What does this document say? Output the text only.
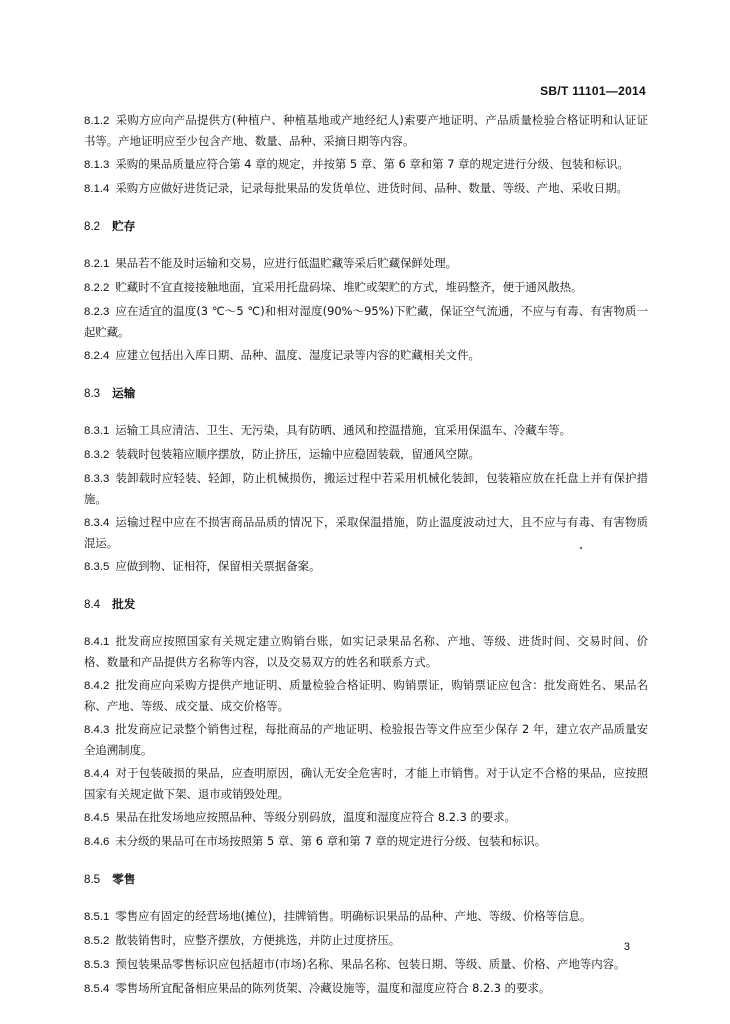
SB/T 11101—2014
8.1.2 采购方应向产品提供方(种植户、种植基地或产地经纪人)索要产地证明、产品质量检验合格证明和认证证书等。产地证明应至少包含产地、数量、品种、采摘日期等内容。
8.1.3 采购的果品质量应符合第 4 章的规定，并按第 5 章、第 6 章和第 7 章的规定进行分级、包装和标识。
8.1.4 采购方应做好进货记录，记录每批果品的发货单位、进货时间、品种、数量、等级、产地、采收日期。
8.2 贮存
8.2.1 果品若不能及时运输和交易，应进行低温贮藏等采后贮藏保鲜处理。
8.2.2 贮藏时不宜直接接触地面，宜采用托盘码垛、堆贮或架贮的方式，堆码整齐，便于通风散热。
8.2.3 应在适宜的温度(3 ℃～5 ℃)和相对湿度(90%～95%)下贮藏，保证空气流通，不应与有毒、有害物质一起贮藏。
8.2.4 应建立包括出入库日期、品种、温度、湿度记录等内容的贮藏相关文件。
8.3 运输
8.3.1 运输工具应清洁、卫生、无污染，具有防晒、通风和控温措施，宜采用保温车、冷藏车等。
8.3.2 装载时包装箱应顺序摆放，防止挤压，运输中应稳固装载，留通风空隙。
8.3.3 装卸载时应轻装、轻卸，防止机械损伤，搬运过程中若采用机械化装卸，包装箱应放在托盘上并有保护措施。
8.3.4 运输过程中应在不损害商品品质的情况下，采取保温措施，防止温度波动过大，且不应与有毒、有害物质混运。
8.3.5 应做到物、证相符，保留相关票据备案。
8.4 批发
8.4.1 批发商应按照国家有关规定建立购销台账，如实记录果品名称、产地、等级、进货时间、交易时间、价格、数量和产品提供方名称等内容，以及交易双方的姓名和联系方式。
8.4.2 批发商应向采购方提供产地证明、质量检验合格证明、购销票证，购销票证应包含：批发商姓名、果品名称、产地、等级、成交量、成交价格等。
8.4.3 批发商应记录整个销售过程，每批商品的产地证明、检验报告等文件应至少保存 2 年，建立农产品质量安全追溯制度。
8.4.4 对于包装破损的果品，应查明原因，确认无安全危害时，才能上市销售。对于认定不合格的果品，应按照国家有关规定做下架、退市或销毁处理。
8.4.5 果品在批发场地应按照品种、等级分别码放，温度和湿度应符合 8.2.3 的要求。
8.4.6 未分级的果品可在市场按照第 5 章、第 6 章和第 7 章的规定进行分级、包装和标识。
8.5 零售
8.5.1 零售应有固定的经营场地(摊位)，挂牌销售。明确标识果品的品种、产地、等级、价格等信息。
8.5.2 散装销售时，应整齐摆放，方便挑选，并防止过度挤压。
8.5.3 预包装果品零售标识应包括超市(市场)名称、果品名称、包装日期、等级、质量、价格、产地等内容。
8.5.4 零售场所宜配备相应果品的陈列货架、冷藏设施等，温度和湿度应符合 8.2.3 的要求。
3
